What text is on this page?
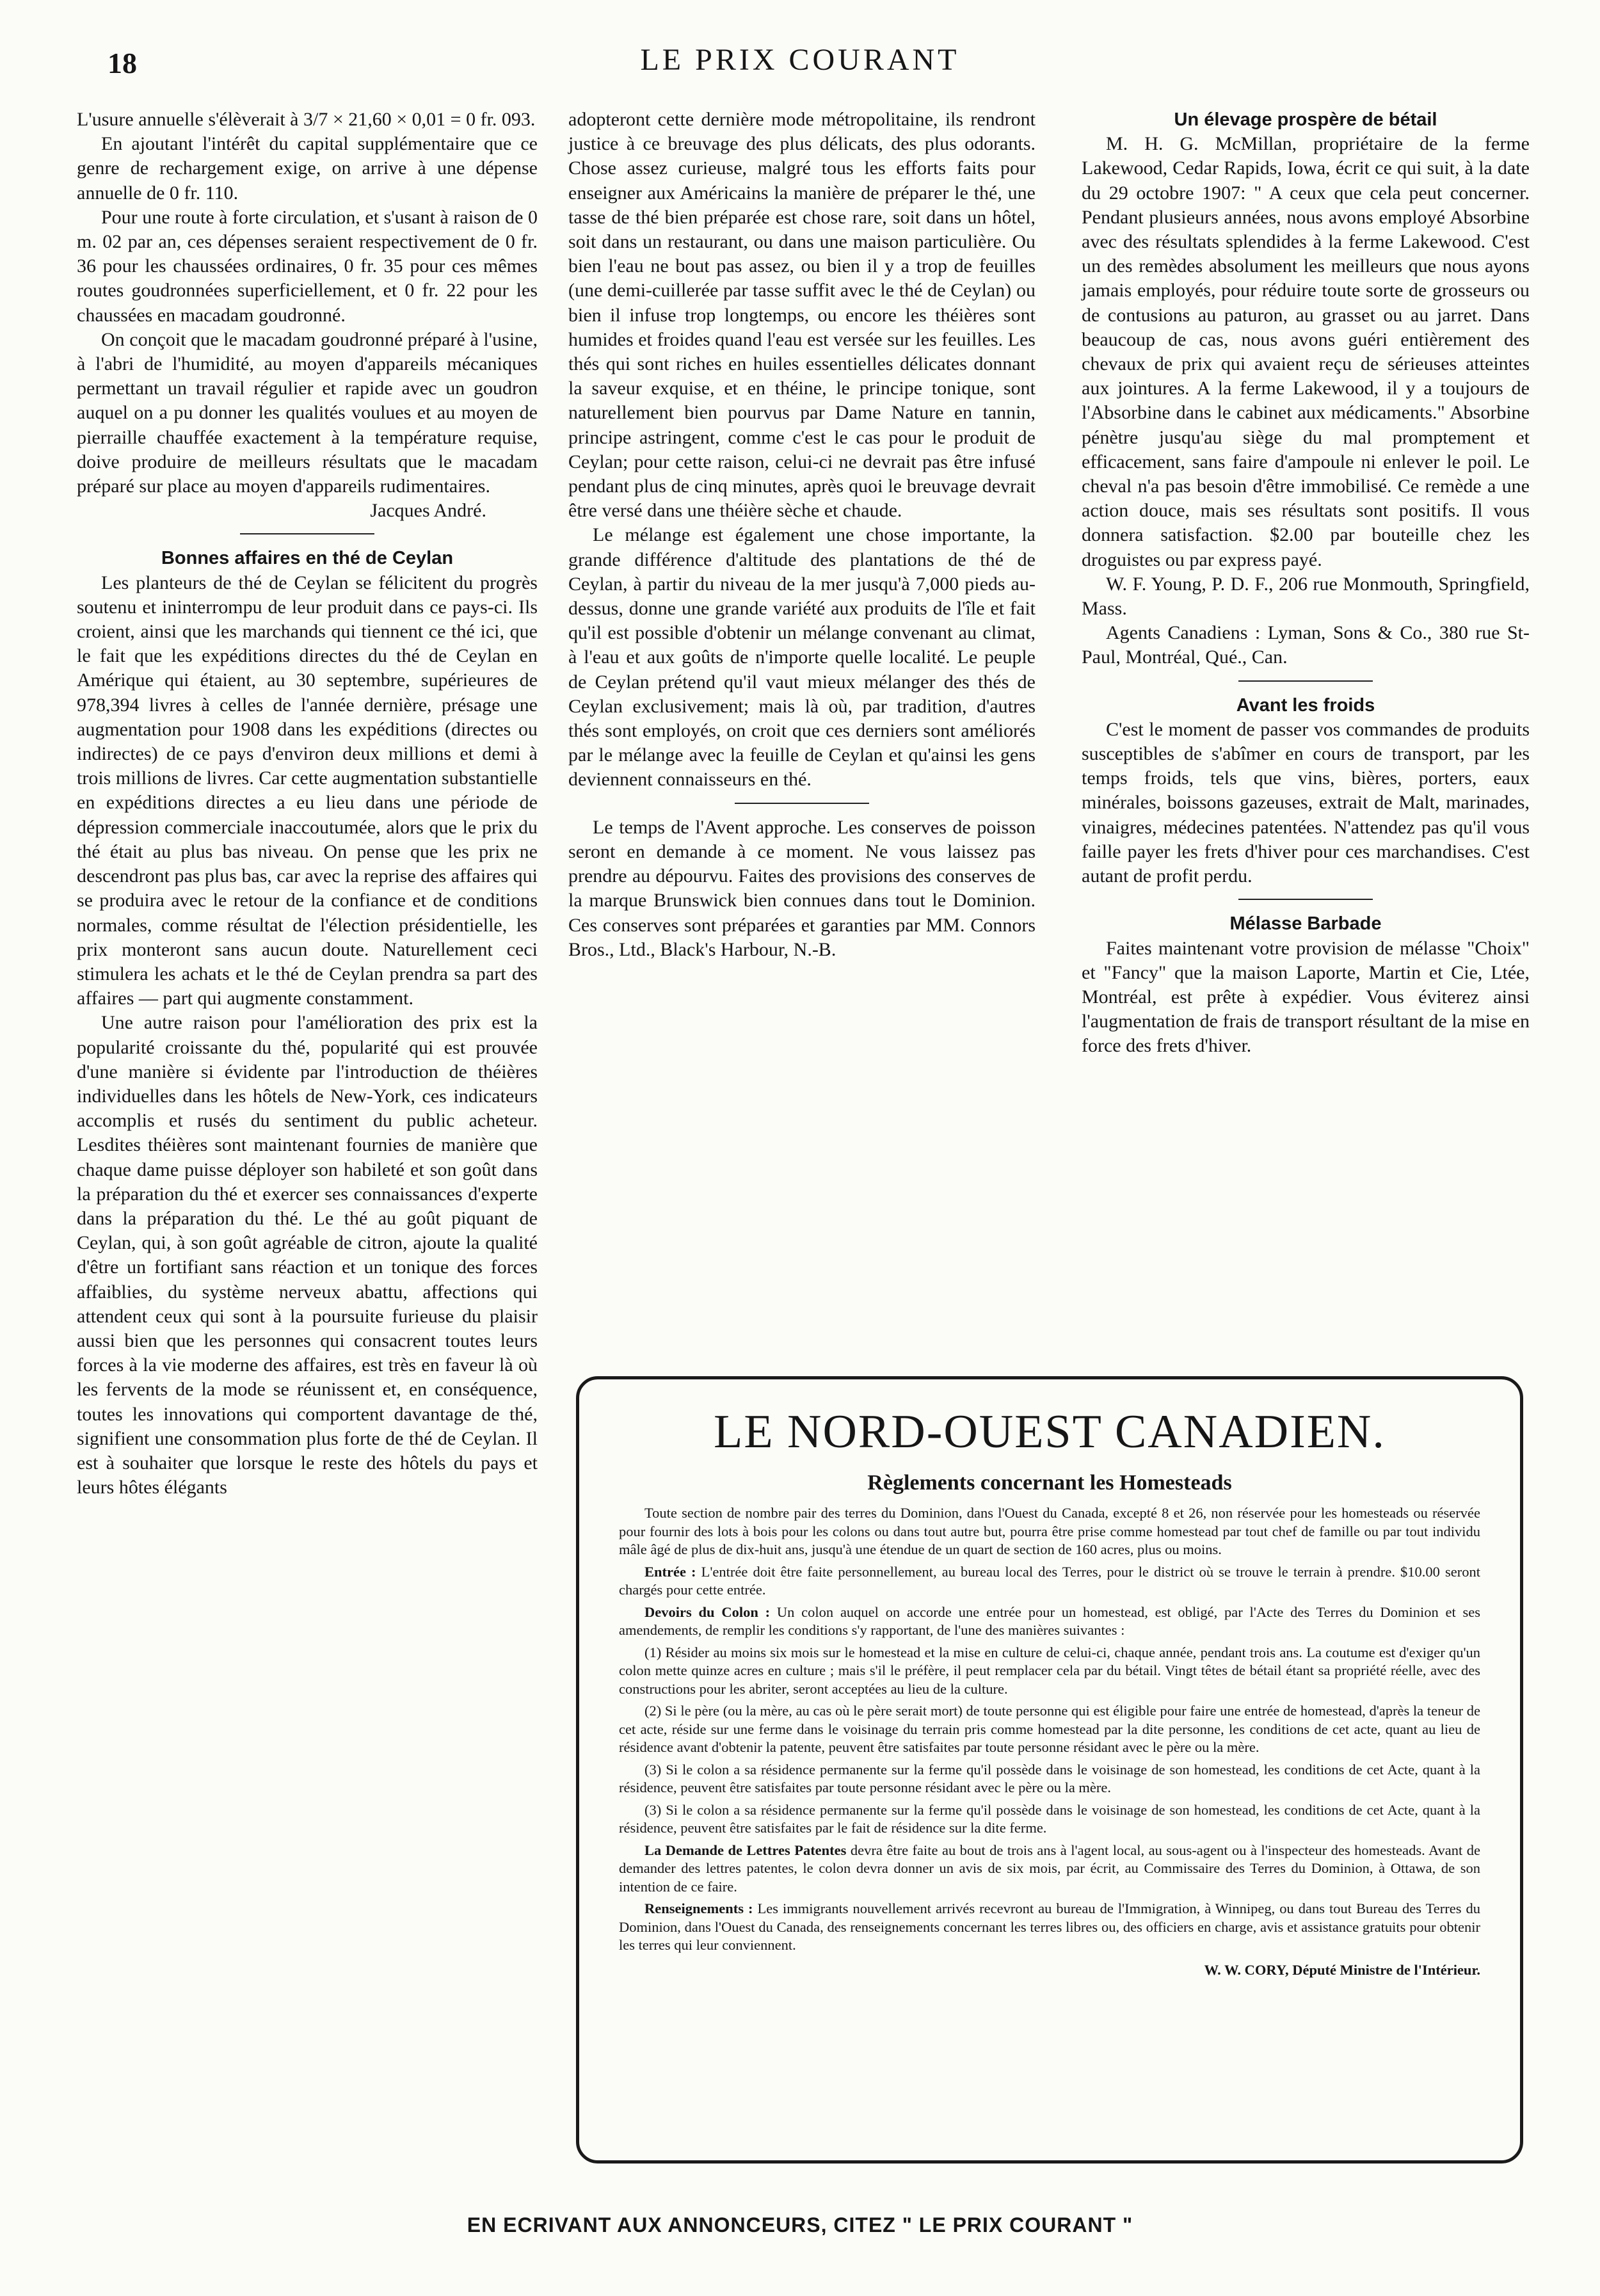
18	LE PRIX COURANT

L'usure annuelle s'élèverait à 3/7 × 21,60 × 0,01 = 0 fr. 093.

En ajoutant l'intérêt du capital supplémentaire que ce genre de rechargement exige, on arrive à une dépense annuelle de 0 fr. 110.

Pour une route à forte circulation, et s'usant à raison de 0 m. 02 par an, ces dépenses seraient respectivement de 0 fr. 36 pour les chaussées ordinaires, 0 fr. 35 pour ces mêmes routes goudronnées superficiellement, et 0 fr. 22 pour les chaussées en macadam goudronné.

On conçoit que le macadam goudronné préparé à l'usine, à l'abri de l'humidité, au moyen d'appareils mécaniques permettant un travail régulier et rapide avec un goudron auquel on a pu donner les qualités voulues et au moyen de pierraille chauffée exactement à la température requise, doive produire de meilleurs résultats que le macadam préparé sur place au moyen d'appareils rudimentaires.

Jacques André.

Bonnes affaires en thé de Ceylan

Les planteurs de thé de Ceylan se félicitent du progrès soutenu et ininterrompu de leur produit dans ce pays-ci. Ils croient, ainsi que les marchands qui tiennent ce thé ici, que le fait que les expéditions directes du thé de Ceylan en Amérique qui étaient, au 30 septembre, supérieures de 978,394 livres à celles de l'année dernière, présage une augmentation pour 1908 dans les expéditions (directes ou indirectes) de ce pays d'environ deux millions et demi à trois millions de livres. Car cette augmentation substantielle en expéditions directes a eu lieu dans une période de dépression commerciale inaccoutumée, alors que le prix du thé était au plus bas niveau. On pense que les prix ne descendront pas plus bas, car avec la reprise des affaires qui se produira avec le retour de la confiance et de conditions normales, comme résultat de l'élection présidentielle, les prix monteront sans aucun doute. Naturellement ceci stimulera les achats et le thé de Ceylan prendra sa part des affaires — part qui augmente constamment.

Une autre raison pour l'amélioration des prix est la popularité croissante du thé, popularité qui est prouvée d'une manière si évidente par l'introduction de théières individuelles dans les hôtels de New-York, ces indicateurs accomplis et rusés du sentiment du public acheteur. Lesdites théières sont maintenant fournies de manière que chaque dame puisse déployer son habileté et son goût dans la préparation du thé et exercer ses connaissances d'experte dans la préparation du thé. Le thé au goût piquant de Ceylan, qui, à son goût agréable de citron, ajoute la qualité d'être un fortifiant sans réaction et un tonique des forces affaiblies, du système nerveux abattu, affections qui attendent ceux qui sont à la poursuite furieuse du plaisir aussi bien que les personnes qui consacrent toutes leurs forces à la vie moderne des affaires, est très en faveur là où les fervents de la mode se réunissent et, en conséquence, toutes les innovations qui comportent davantage de thé, signifient une consommation plus forte de thé de Ceylan. Il est à souhaiter que lorsque le reste des hôtels du pays et leurs hôtes élégants

adopteront cette dernière mode métropolitaine, ils rendront justice à ce breuvage des plus délicats, des plus odorants. Chose assez curieuse, malgré tous les efforts faits pour enseigner aux Américains la manière de préparer le thé, une tasse de thé bien préparée est chose rare, soit dans un hôtel, soit dans un restaurant, ou dans une maison particulière. Ou bien l'eau ne bout pas assez, ou bien il y a trop de feuilles (une demi-cuillerée par tasse suffit avec le thé de Ceylan) ou bien il infuse trop longtemps, ou encore les théières sont humides et froides quand l'eau est versée sur les feuilles. Les thés qui sont riches en huiles essentielles délicates donnant la saveur exquise, et en théine, le principe tonique, sont naturellement bien pourvus par Dame Nature en tannin, principe astringent, comme c'est le cas pour le produit de Ceylan; pour cette raison, celui-ci ne devrait pas être infusé pendant plus de cinq minutes, après quoi le breuvage devrait être versé dans une théière sèche et chaude.

Le mélange est également une chose importante, la grande différence d'altitude des plantations de thé de Ceylan, à partir du niveau de la mer jusqu'à 7,000 pieds au-dessus, donne une grande variété aux produits de l'île et fait qu'il est possible d'obtenir un mélange convenant au climat, à l'eau et aux goûts de n'importe quelle localité. Le peuple de Ceylan prétend qu'il vaut mieux mélanger des thés de Ceylan exclusivement; mais là où, par tradition, d'autres thés sont employés, on croit que ces derniers sont améliorés par le mélange avec la feuille de Ceylan et qu'ainsi les gens deviennent connaisseurs en thé.

Le temps de l'Avent approche. Les conserves de poisson seront en demande à ce moment. Ne vous laissez pas prendre au dépourvu. Faites des provisions des conserves de la marque Brunswick bien connues dans tout le Dominion. Ces conserves sont préparées et garanties par MM. Connors Bros., Ltd., Black's Harbour, N.-B.

Un élevage prospère de bétail

M. H. G. McMillan, propriétaire de la ferme Lakewood, Cedar Rapids, Iowa, écrit ce qui suit, à la date du 29 octobre 1907: " A ceux que cela peut concerner. Pendant plusieurs années, nous avons employé Absorbine avec des résultats splendides à la ferme Lakewood. C'est un des remèdes absolument les meilleurs que nous ayons jamais employés, pour réduire toute sorte de grosseurs ou de contusions au paturon, au grasset ou au jarret. Dans beaucoup de cas, nous avons guéri entièrement des chevaux de prix qui avaient reçu de sérieuses atteintes aux jointures. A la ferme Lakewood, il y a toujours de l'Absorbine dans le cabinet aux médicaments." Absorbine pénètre jusqu'au siège du mal promptement et efficacement, sans faire d'ampoule ni enlever le poil. Le cheval n'a pas besoin d'être immobilisé. Ce remède a une action douce, mais ses résultats sont positifs. Il vous donnera satisfaction. $2.00 par bouteille chez les droguistes ou par express payé.

W. F. Young, P. D. F., 206 rue Monmouth, Springfield, Mass.

Agents Canadiens : Lyman, Sons & Co., 380 rue St-Paul, Montréal, Qué., Can.

Avant les froids

C'est le moment de passer vos commandes de produits susceptibles de s'abîmer en cours de transport, par les temps froids, tels que vins, bières, porters, eaux minérales, boissons gazeuses, extrait de Malt, marinades, vinaigres, médecines patentées. N'attendez pas qu'il vous faille payer les frets d'hiver pour ces marchandises. C'est autant de profit perdu.

Mélasse Barbade

Faites maintenant votre provision de mélasse "Choix" et "Fancy" que la maison Laporte, Martin et Cie, Ltée, Montréal, est prête à expédier. Vous éviterez ainsi l'augmentation de frais de transport résultant de la mise en force des frets d'hiver.

LE NORD-OUEST CANADIEN.
Règlements concernant les Homesteads

Toute section de nombre pair des terres du Dominion, dans l'Ouest du Canada, excepté 8 et 26, non réservée pour les homesteads ou réservée pour fournir des lots à bois pour les colons ou dans tout autre but, pourra être prise comme homestead par tout chef de famille ou par tout individu mâle âgé de plus de dix-huit ans, jusqu'à une étendue de un quart de section de 160 acres, plus ou moins.

Entrée : L'entrée doit être faite personnellement, au bureau local des Terres, pour le district où se trouve le terrain à prendre. $10.00 seront chargés pour cette entrée.

Devoirs du Colon : Un colon auquel on accorde une entrée pour un homestead, est obligé, par l'Acte des Terres du Dominion et ses amendements, de remplir les conditions s'y rapportant, de l'une des manières suivantes :

(1) Résider au moins six mois sur le homestead et la mise en culture de celui-ci, chaque année, pendant trois ans. La coutume est d'exiger qu'un colon mette quinze acres en culture ; mais s'il le préfère, il peut remplacer cela par du bétail. Vingt têtes de bétail étant sa propriété réelle, avec des constructions pour les abriter, seront acceptées au lieu de la culture.

(2) Si le père (ou la mère, au cas où le père serait mort) de toute personne qui est éligible pour faire une entrée de homestead, d'après la teneur de cet acte, réside sur une ferme dans le voisinage du terrain pris comme homestead par la dite personne, les conditions de cet acte, quant au lieu de résidence avant d'obtenir la patente, peuvent être satisfaites par toute personne résidant avec le père ou la mère.

(3) Si le colon a sa résidence permanente sur la ferme qu'il possède dans le voisinage de son homestead, les conditions de cet Acte, quant à la résidence, peuvent être satisfaites par toute personne résidant avec le père ou la mère.

(3) Si le colon a sa résidence permanente sur la ferme qu'il possède dans le voisinage de son homestead, les conditions de cet Acte, quant à la résidence, peuvent être satisfaites par le fait de résidence sur la dite ferme.

La Demande de Lettres Patentes devra être faite au bout de trois ans à l'agent local, au sous-agent ou à l'inspecteur des homesteads. Avant de demander des lettres patentes, le colon devra donner un avis de six mois, par écrit, au Commissaire des Terres du Dominion, à Ottawa, de son intention de ce faire.

Renseignements : Les immigrants nouvellement arrivés recevront au bureau de l'Immigration, à Winnipeg, ou dans tout Bureau des Terres du Dominion, dans l'Ouest du Canada, des renseignements concernant les terres libres ou, des officiers en charge, avis et assistance gratuits pour obtenir les terres qui leur conviennent.

W. W. CORY, Député Ministre de l'Intérieur.

EN ECRIVANT AUX ANNONCEURS, CITEZ " LE PRIX COURANT "
